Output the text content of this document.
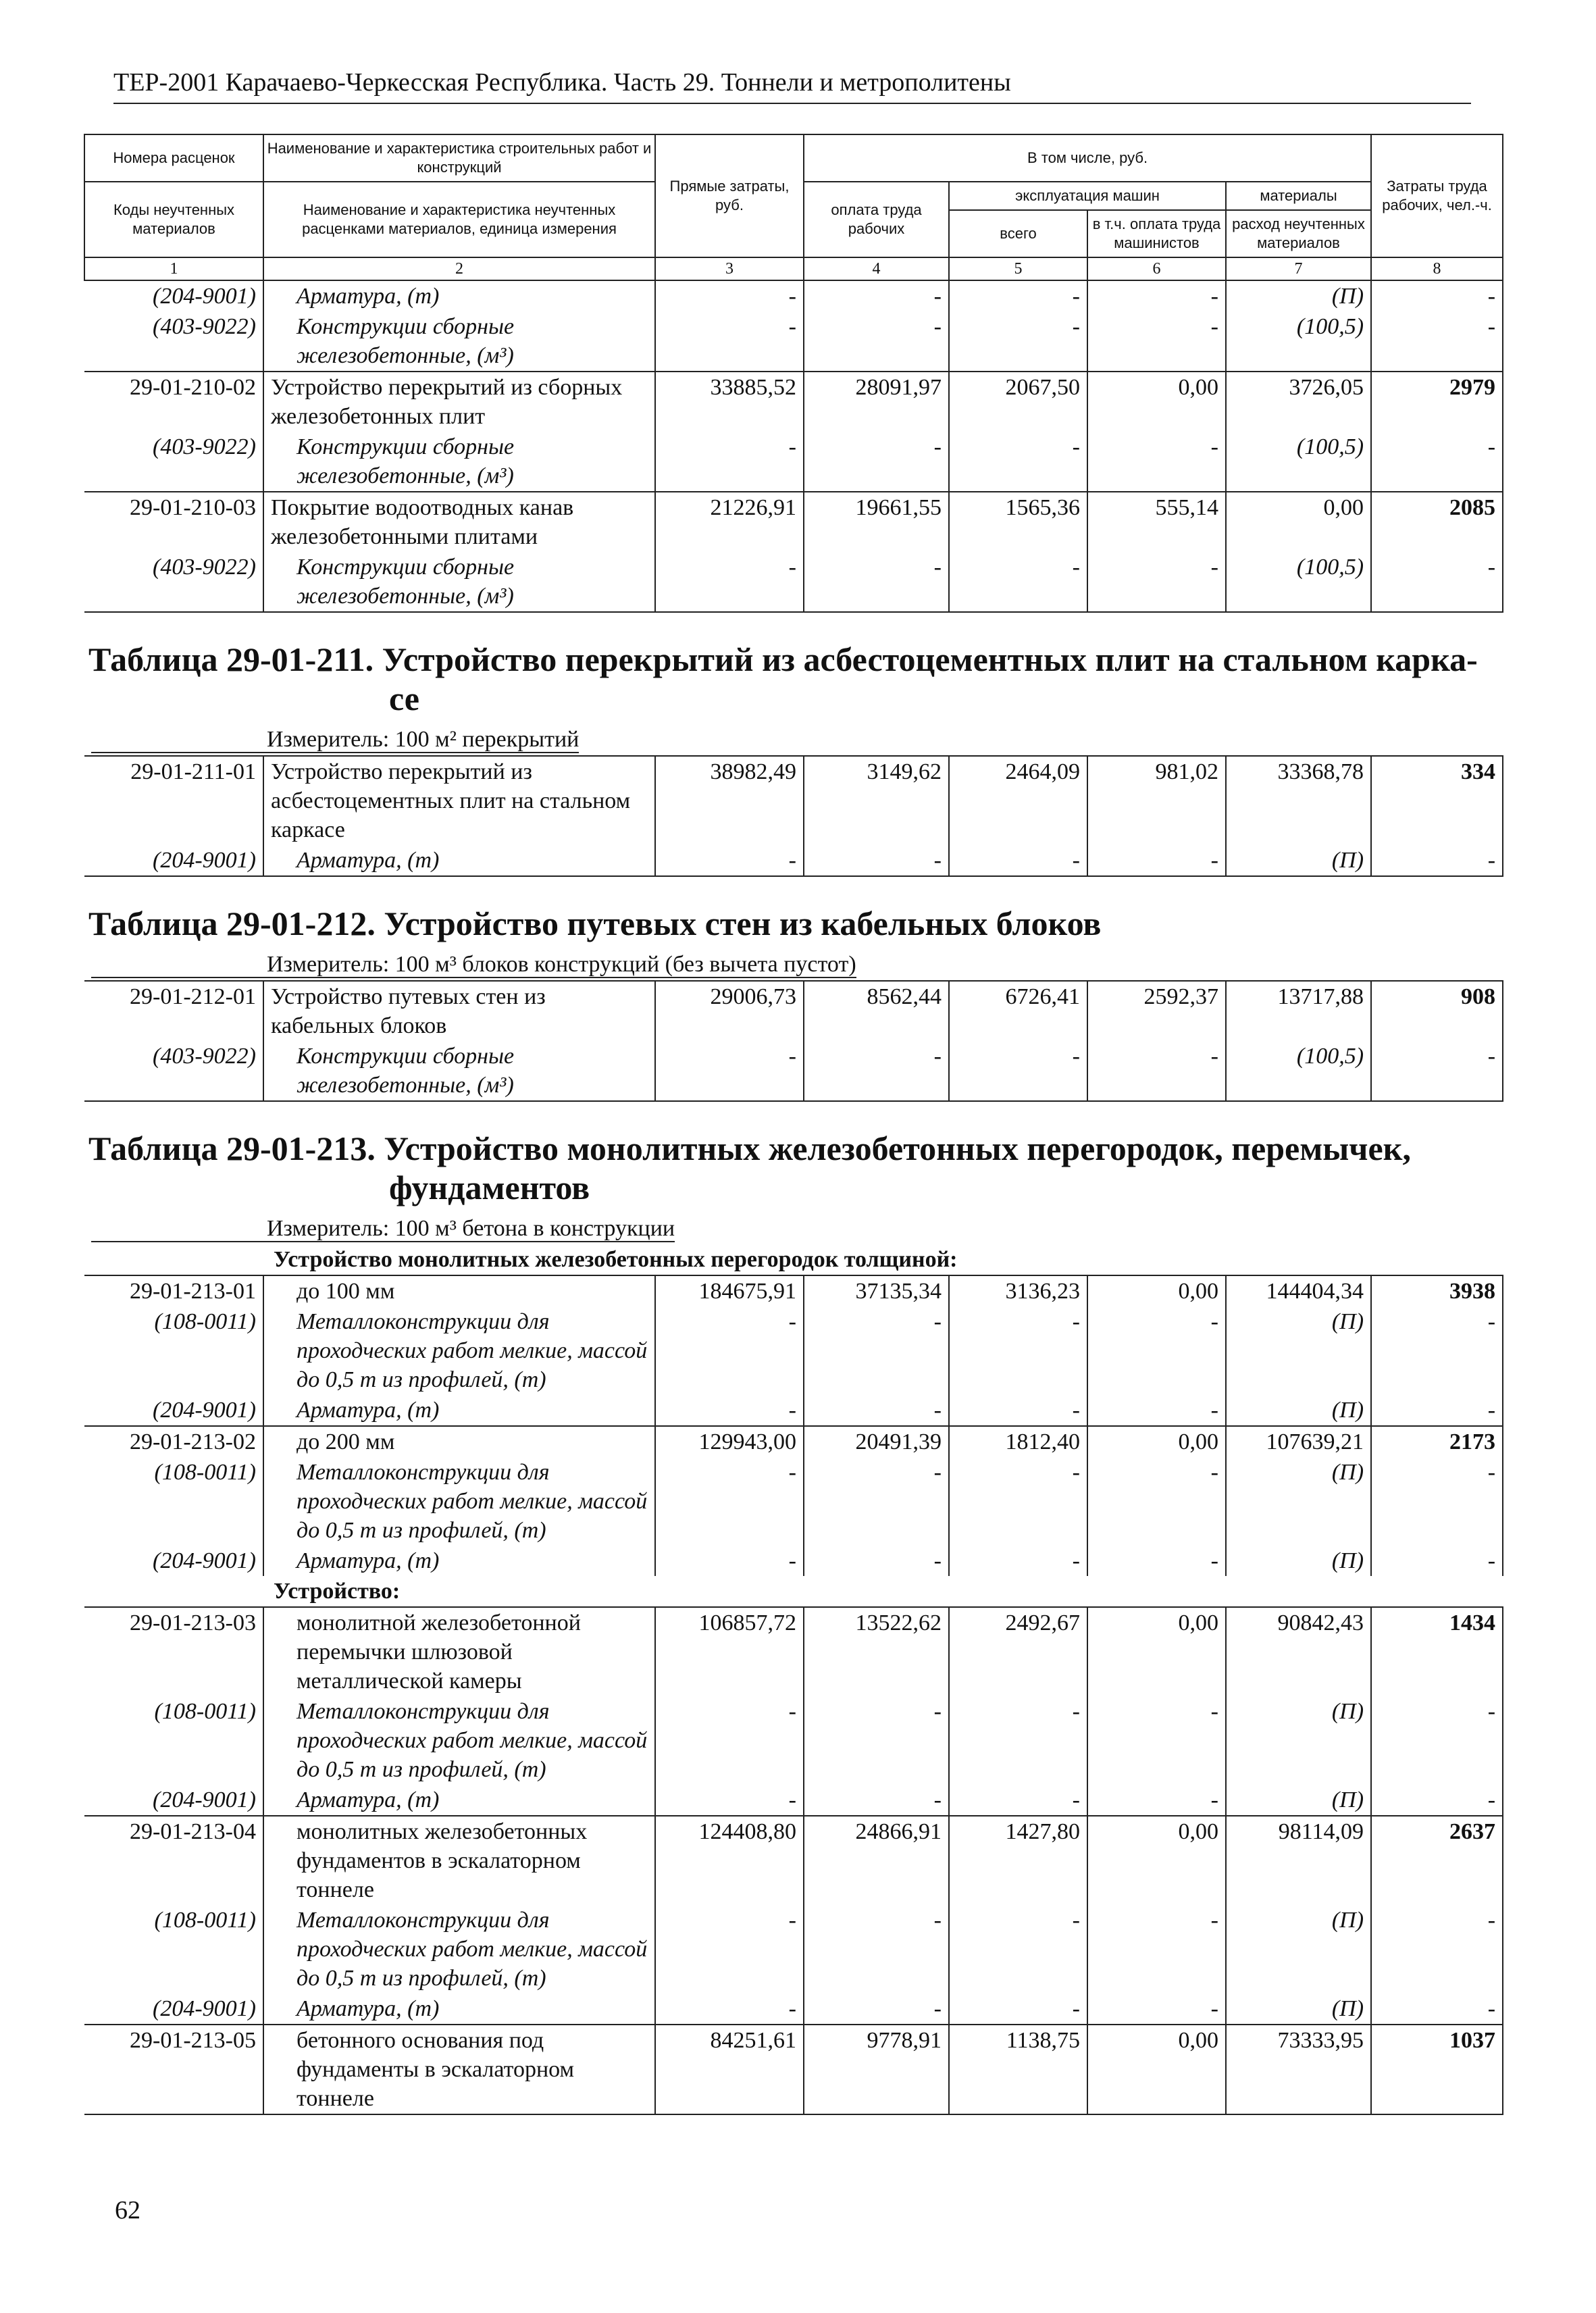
ТЕР-2001 Карачаево-Черкесская Республика. Часть 29. Тоннели и метрополитены
Номера расценок	Наименование и характеристика строительных работ и конструкций	Прямые затраты, руб.	В том числе, руб.				Затраты труда рабочих, чел.-ч.
Коды неучтенных материалов	Наименование и характеристика неучтенных расценками материалов, единица измерения		оплата труда рабочих	эксплуатация машин		материалы	
				всего	в т.ч. оплата труда машинистов	расход неучтенных материалов	
1	2	3	4	5	6	7	8
(204-9001)	Арматура, (т)	-	-	-	-	(П)	-
(403-9022)	Конструкции сборные железобетонные, (м³)	-	-	-	-	(100,5)	-
29-01-210-02	Устройство перекрытий из сборных железобетонных плит	33885,52	28091,97	2067,50	0,00	3726,05	2979
(403-9022)	Конструкции сборные железобетонные, (м³)	-	-	-	-	(100,5)	-
29-01-210-03	Покрытие водоотводных канав железобетонными плитами	21226,91	19661,55	1565,36	555,14	0,00	2085
(403-9022)	Конструкции сборные железобетонные, (м³)	-	-	-	-	(100,5)	-
Таблица 29-01-211. Устройство перекрытий из асбестоцементных плит на стальном карка-
се							

Измеритель: 100 м² перекрытий							
29-01-211-01	Устройство перекрытий из асбестоцементных плит на стальном каркасе	38982,49	3149,62	2464,09	981,02	33368,78	334
(204-9001)	Арматура, (т)	-	-	-	-	(П)	-
Таблица 29-01-212. Устройство путевых стен из кабельных блоков							
Измеритель: 100 м³ блоков конструкций (без вычета пустот)							
29-01-212-01	Устройство путевых стен из кабельных блоков	29006,73	8562,44	6726,41	2592,37	13717,88	908
(403-9022)	Конструкции сборные железобетонные, (м³)	-	-	-	-	(100,5)	-
Таблица 29-01-213. Устройство монолитных железобетонных перегородок, перемычек,
фундаментов							

Измеритель: 100 м³ бетона в конструкции							
Устройство монолитных железобетонных перегородок толщиной:							
29-01-213-01	до 100 мм	184675,91	37135,34	3136,23	0,00	144404,34	3938
(108-0011)	Металлоконструкции для проходческих работ мелкие, массой до 0,5 т из профилей, (т)	-	-	-	-	(П)	-
(204-9001)	Арматура, (т)	-	-	-	-	(П)	-
29-01-213-02	до 200 мм	129943,00	20491,39	1812,40	0,00	107639,21	2173
(108-0011)	Металлоконструкции для проходческих работ мелкие, массой до 0,5 т из профилей, (т)	-	-	-	-	(П)	-
(204-9001)	Арматура, (т)	-	-	-	-	(П)	-
Устройство:							
29-01-213-03	монолитной железобетонной перемычки шлюзовой металлической камеры	106857,72	13522,62	2492,67	0,00	90842,43	1434
(108-0011)	Металлоконструкции для проходческих работ мелкие, массой до 0,5 т из профилей, (т)	-	-	-	-	(П)	-
(204-9001)	Арматура, (т)	-	-	-	-	(П)	-
29-01-213-04	монолитных железобетонных фундаментов в эскалаторном тоннеле	124408,80	24866,91	1427,80	0,00	98114,09	2637
(108-0011)	Металлоконструкции для проходческих работ мелкие, массой до 0,5 т из профилей, (т)	-	-	-	-	(П)	-
(204-9001)	Арматура, (т)	-	-	-	-	(П)	-
29-01-213-05	бетонного основания под фундаменты в эскалаторном тоннеле	84251,61	9778,91	1138,75	0,00	73333,95	1037
62
